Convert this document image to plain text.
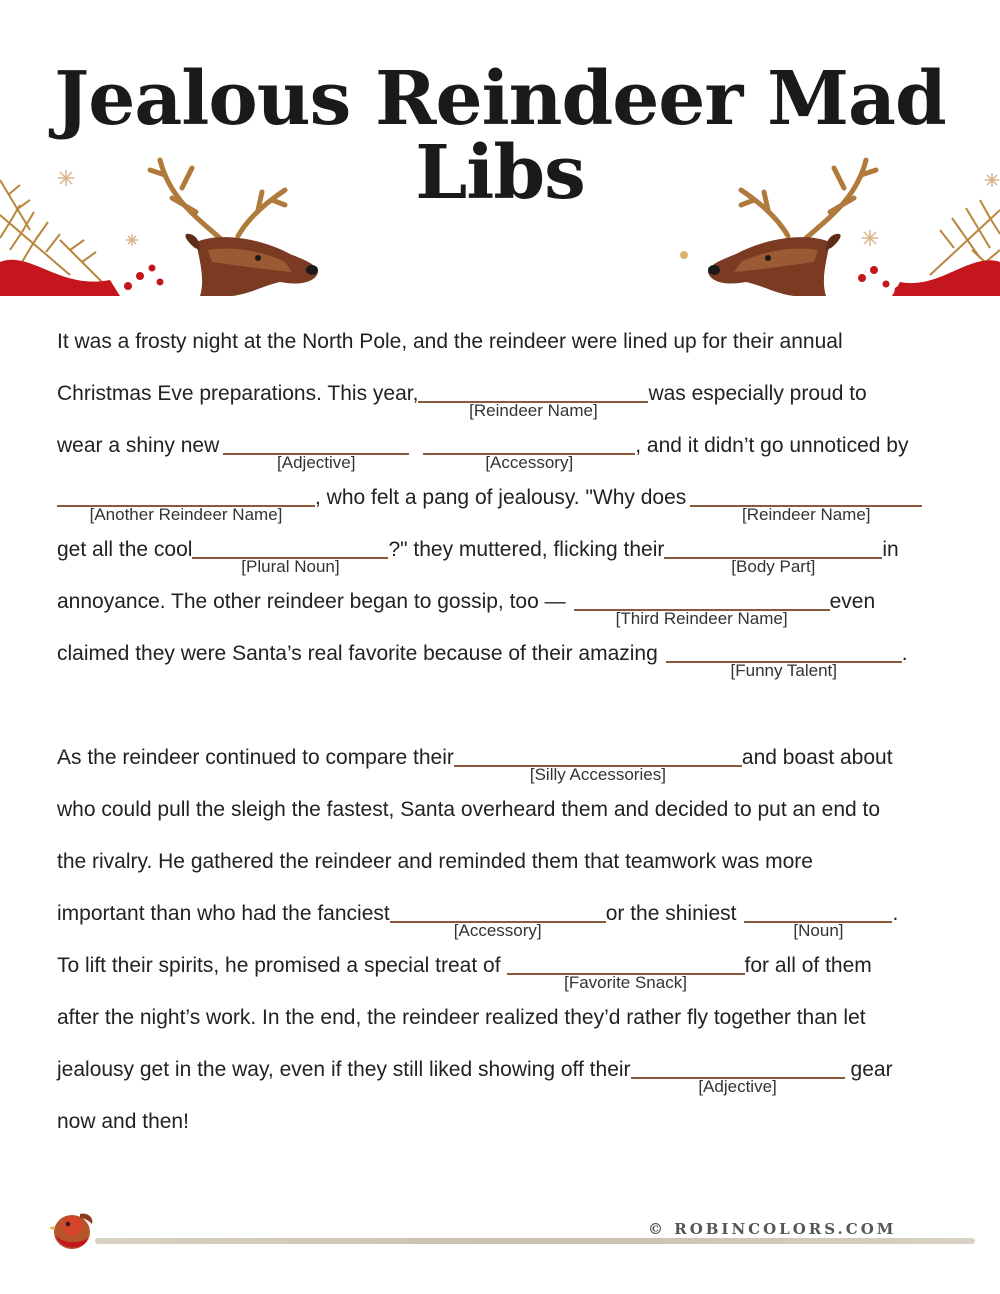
Jealous Reindeer Mad Libs
It was a frosty night at the North Pole, and the reindeer were lined up for their annual
Christmas Eve preparations. This year,
[Reindeer Name]
was especially proud to
wear a shiny new
[Adjective]	[Accessory]
, and it didn’t go unnoticed by
[Another Reindeer Name]
, who felt a pang of jealousy. "Why does
[Reindeer Name]
get all the cool
[Plural Noun]
?" they muttered, flicking their
[Body Part]
in
annoyance. The other reindeer began to gossip, too —
[Third Reindeer Name]
even
claimed they were Santa’s real favorite because of their amazing
[Funny Talent]
.
As the reindeer continued to compare their
[Silly Accessories]
and boast about
who could pull the sleigh the fastest, Santa overheard them and decided to put an end to
the rivalry. He gathered the reindeer and reminded them that teamwork was more
important than who had the fanciest
[Accessory]
or the shiniest
[Noun]
.
To lift their spirits, he promised a special treat of
[Favorite Snack]
for all of them
after the night’s work. In the end, the reindeer realized they’d rather fly together than let
jealousy get in the way, even if they still liked showing off their
[Adjective]
gear
now and then!
© ROBINCOLORS.COM
